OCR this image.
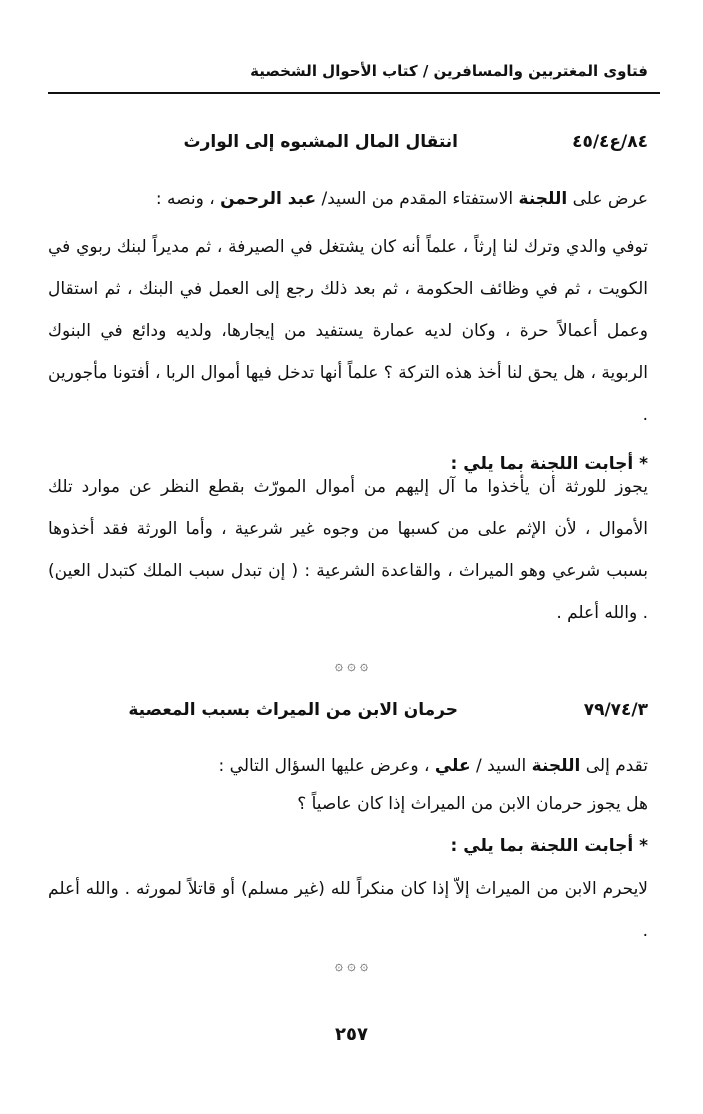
فتاوى المغتربين والمسافرين / كتاب الأحوال الشخصية
٨٤/ع٤٥/٤
انتقال المال المشبوه إلى الوارث

عرض على اللجنة الاستفتاء المقدم من السيد/ عبد الرحمن ، ونصه :

توفي والدي وترك لنا إرثاً ، علماً أنه كان يشتغل في الصيرفة ، ثم مديراً لبنك ربوي في الكويت ، ثم في وظائف الحكومة ، ثم بعد ذلك رجع إلى العمل في البنك ، ثم استقال وعمل أعمالاً حرة ، وكان لديه عمارة يستفيد من إيجارها، ولديه ودائع في البنوك الربوية ، هل يحق لنا أخذ هذه التركة ؟ علماً أنها تدخل فيها أموال الربا ، أفتونا مأجورين .

* أجابت اللجنة بما يلي :

يجوز للورثة أن يأخذوا ما آل إليهم من أموال المورّث بقطع النظر عن موارد تلك الأموال ، لأن الإثم على من كسبها من وجوه غير شرعية ، وأما الورثة فقد أخذوها بسبب شرعي وهو الميراث ، والقاعدة الشرعية : ( إن تبدل سبب الملك كتبدل العين) . والله أعلم .

۞ ۞ ۞
٧٩/٧٤/٣
حرمان الابن من الميراث بسبب المعصية

تقدم إلى اللجنة السيد / علي ، وعرض عليها السؤال التالي :

هل يجوز حرمان الابن من الميراث إذا كان عاصياً ؟

* أجابت اللجنة بما يلي :

لايحرم الابن من الميراث إلاّ إذا كان منكراً لله (غير مسلم) أو قاتلاً لمورثه . والله أعلم .

۞ ۞ ۞
٢٥٧
